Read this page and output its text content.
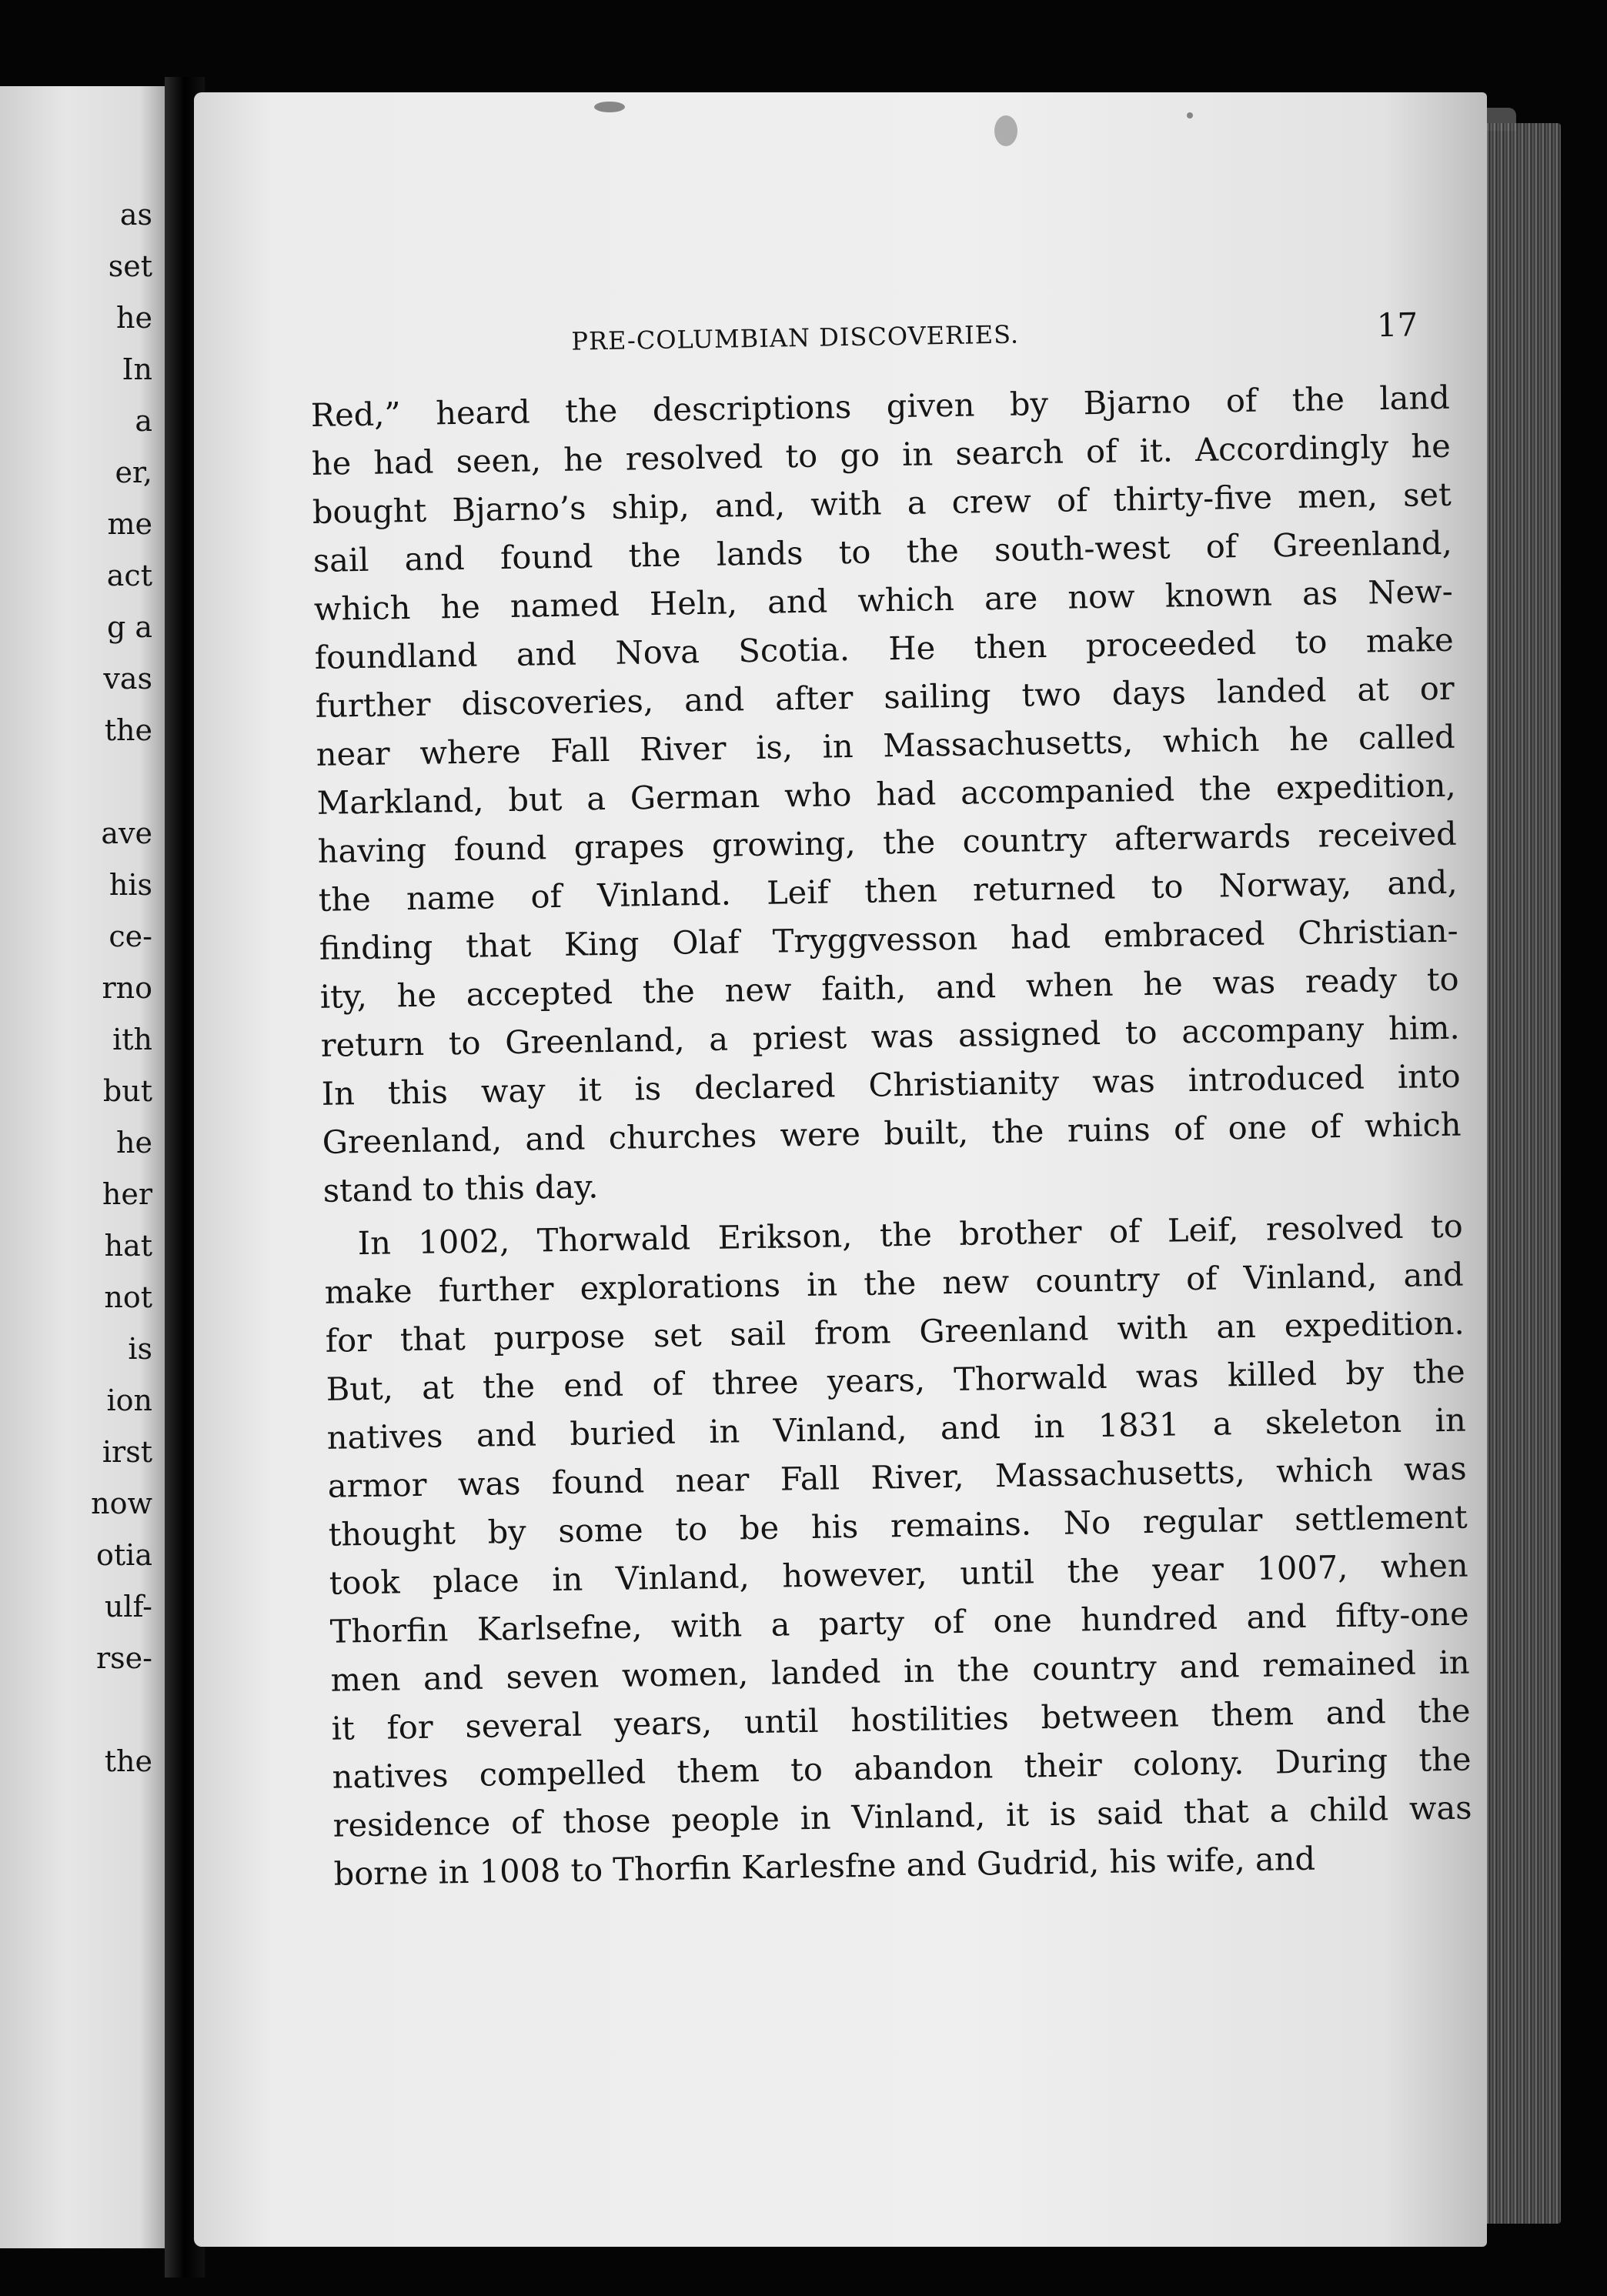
as
set
he
In
a
er,
me
act
g a
vas
the
ave
his
ce-
rno
ith
but
he
her
hat
not
is
ion
irst
now
otia
ulf-
rse-
the
PRE-COLUMBIAN DISCOVERIES.	17

Red,” heard the descriptions given by Bjarno of the land
he had seen, he resolved to go in search of it. Accordingly he
bought Bjarno’s ship, and, with a crew of thirty-five men, set
sail and found the lands to the south-west of Greenland,
which he named Heln, and which are now known as New-
foundland and Nova Scotia. He then proceeded to make
further discoveries, and after sailing two days landed at or
near where Fall River is, in Massachusetts, which he called
Markland, but a German who had accompanied the expedition,
having found grapes growing, the country afterwards received
the name of Vinland. Leif then returned to Norway, and,
finding that King Olaf Tryggvesson had embraced Christian-
ity, he accepted the new faith, and when he was ready to
return to Greenland, a priest was assigned to accompany him.
In this way it is declared Christianity was introduced into
Greenland, and churches were built, the ruins of one of which
stand to this day.

In 1002, Thorwald Erikson, the brother of Leif, resolved to
make further explorations in the new country of Vinland, and
for that purpose set sail from Greenland with an expedition.
But, at the end of three years, Thorwald was killed by the
natives and buried in Vinland, and in 1831 a skeleton in
armor was found near Fall River, Massachusetts, which was
thought by some to be his remains. No regular settlement
took place in Vinland, however, until the year 1007, when
Thorfin Karlsefne, with a party of one hundred and fifty-one
men and seven women, landed in the country and remained in
it for several years, until hostilities between them and the
natives compelled them to abandon their colony. During the
residence of those people in Vinland, it is said that a child was
borne in 1008 to Thorfin Karlesfne and Gudrid, his wife, and
